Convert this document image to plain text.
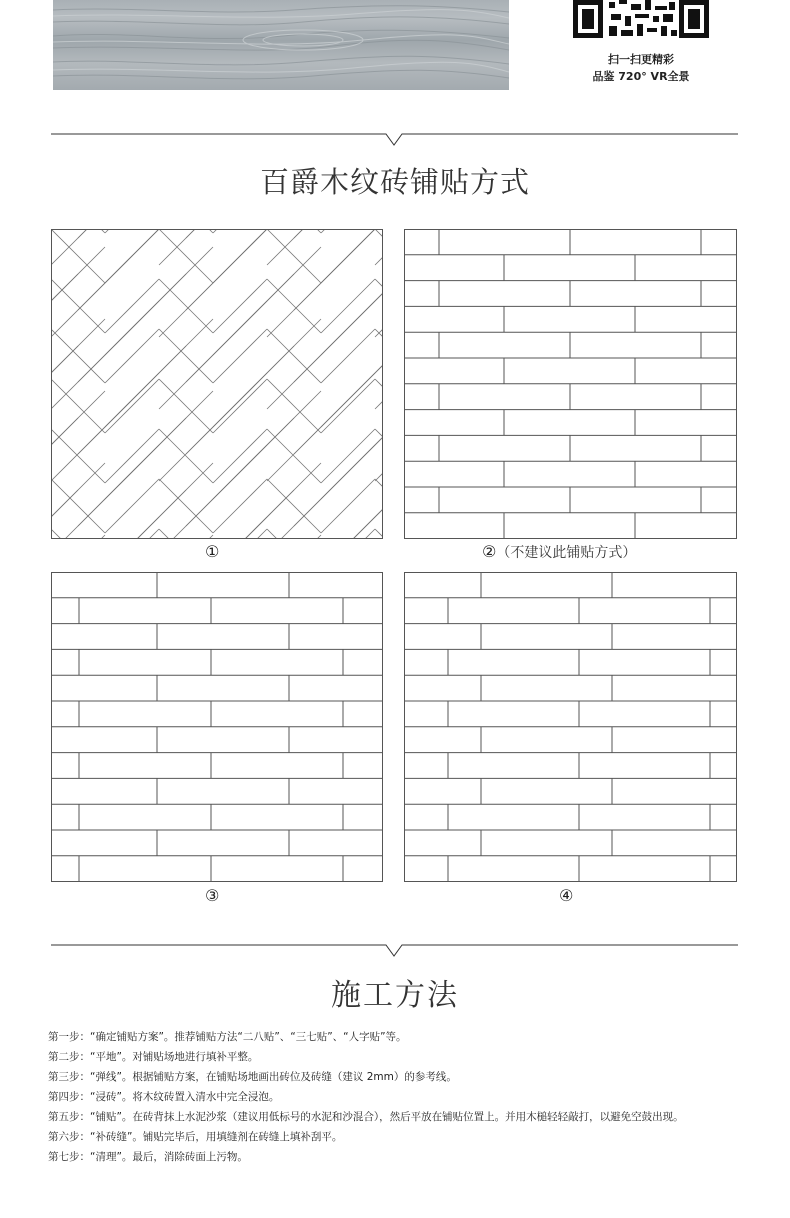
扫一扫更精彩
品鉴 720° VR全景
百爵木纹砖铺贴方式
①	②（不建议此铺贴方式）
③	④
施工方法
第一步：“确定铺贴方案”。推荐铺贴方法“二八贴”、“三七贴”、“人字贴”等。
第二步：“平地”。对铺贴场地进行填补平整。
第三步：“弹线”。根据铺贴方案，在铺贴场地画出砖位及砖缝（建议 2mm）的参考线。
第四步：“浸砖”。将木纹砖置入清水中完全浸泡。
第五步：“铺贴”。在砖背抹上水泥沙浆（建议用低标号的水泥和沙混合），然后平放在铺贴位置上。并用木槌轻轻敲打，以避免空鼓出现。
第六步：“补砖缝”。铺贴完毕后，用填缝剂在砖缝上填补刮平。
第七步：“清理”。最后，消除砖面上污物。
